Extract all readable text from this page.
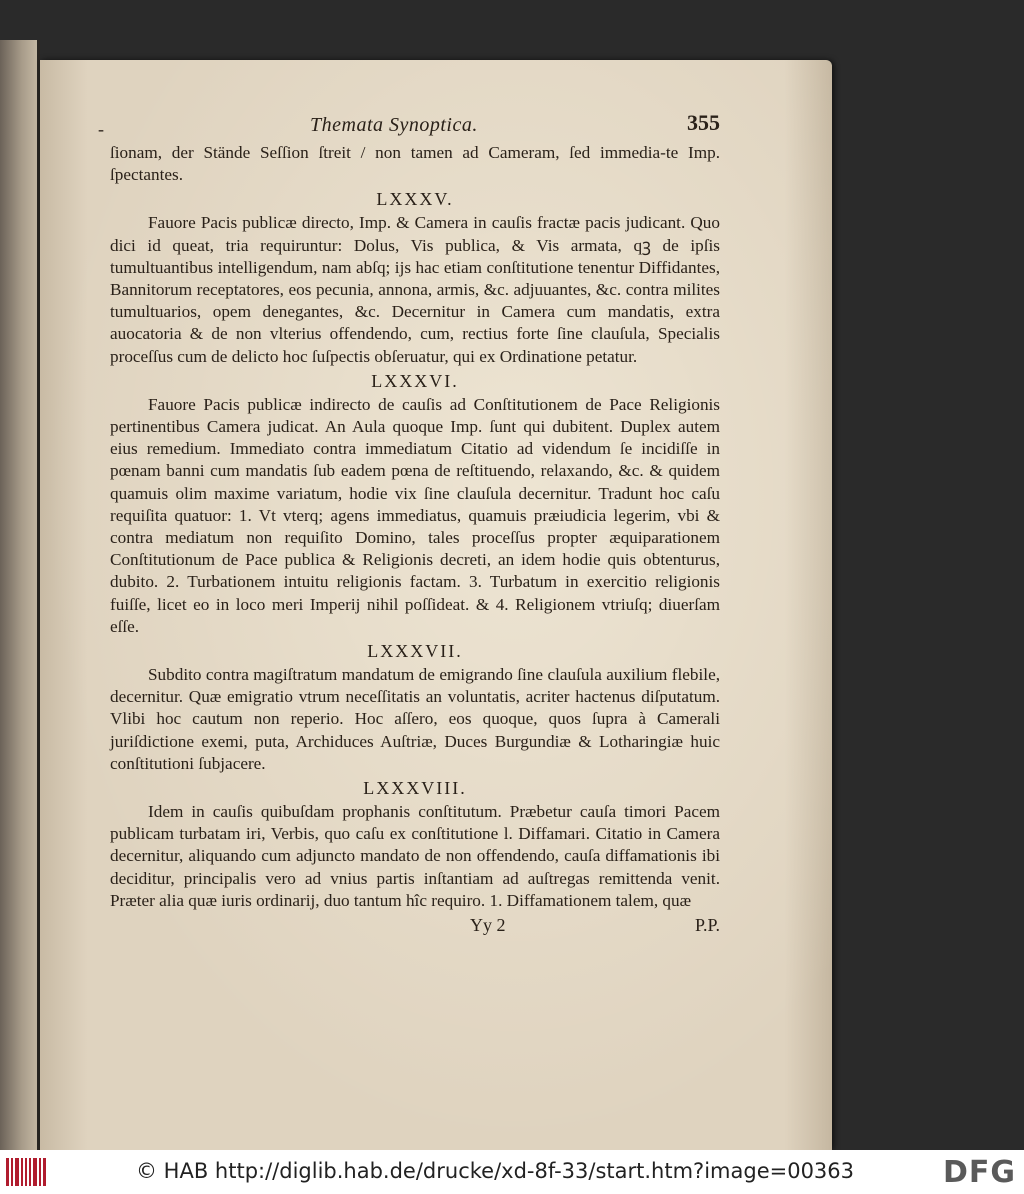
-	Themata Synoptica.	355

ſionam, der Stände Seſſion ſtreit / non tamen ad Cameram, ſed immedia-te Imp. ſpectantes.

LXXXV.

Fauore Pacis publicæ directo, Imp. & Camera in cauſis fractæ pacis judicant. Quo dici id queat, tria requiruntur: Dolus, Vis publica, & Vis armata, qꝫ de ipſis tumultuantibus intelligendum, nam abſq; ijs hac etiam conſtitutione tenentur Diffidantes, Bannitorum receptatores, eos pecunia, annona, armis, &c. adjuuantes, &c. contra milites tumultuarios, opem denegantes, &c. Decernitur in Camera cum mandatis, extra auocatoria & de non vlterius offendendo, cum, rectius forte ſine clauſula, Specialis proceſſus cum de delicto hoc ſuſpectis obſeruatur, qui ex Ordinatione petatur.

LXXXVI.

Fauore Pacis publicæ indirecto de cauſis ad Conſtitutionem de Pace Religionis pertinentibus Camera judicat. An Aula quoque Imp. ſunt qui dubitent. Duplex autem eius remedium. Immediato contra immediatum Citatio ad videndum ſe incidiſſe in pœnam banni cum mandatis ſub eadem pœna de reſtituendo, relaxando, &c. & quidem quamuis olim maxime variatum, hodie vix ſine clauſula decernitur. Tradunt hoc caſu requiſita quatuor: 1. Vt vterq; agens immediatus, quamuis præiudicia legerim, vbi & contra mediatum non requiſito Domino, tales proceſſus propter æquiparationem Conſtitutionum de Pace publica & Religionis decreti, an idem hodie quis obtenturus, dubito. 2. Turbationem intuitu religionis factam. 3. Turbatum in exercitio religionis fuiſſe, licet eo in loco meri Imperij nihil poſſideat. & 4. Religionem vtriuſq; diuerſam eſſe.

LXXXVII.

Subdito contra magiſtratum mandatum de emigrando ſine clauſula auxilium flebile, decernitur. Quæ emigratio vtrum neceſſitatis an voluntatis, acriter hactenus diſputatum. Vlibi hoc cautum non reperio. Hoc aſſero, eos quoque, quos ſupra à Camerali juriſdictione exemi, puta, Archiduces Auſtriæ, Duces Burgundiæ & Lotharingiæ huic conſtitutioni ſubjacere.

LXXXVIII.

Idem in cauſis quibuſdam prophanis conſtitutum. Præbetur cauſa timori Pacem publicam turbatam iri, Verbis, quo caſu ex conſtitutione l. Diffamari. Citatio in Camera decernitur, aliquando cum adjuncto mandato de non offendendo, cauſa diffamationis ibi deciditur, principalis vero ad vnius partis inſtantiam ad auſtregas remittenda venit. Præter alia quæ iuris ordinarij, duo tantum hîc requiro. 1. Diffamationem talem, quæ

Yy 2	P.P.
© HAB http://diglib.hab.de/drucke/xd-8f-33/start.htm?image=00363	DFG
